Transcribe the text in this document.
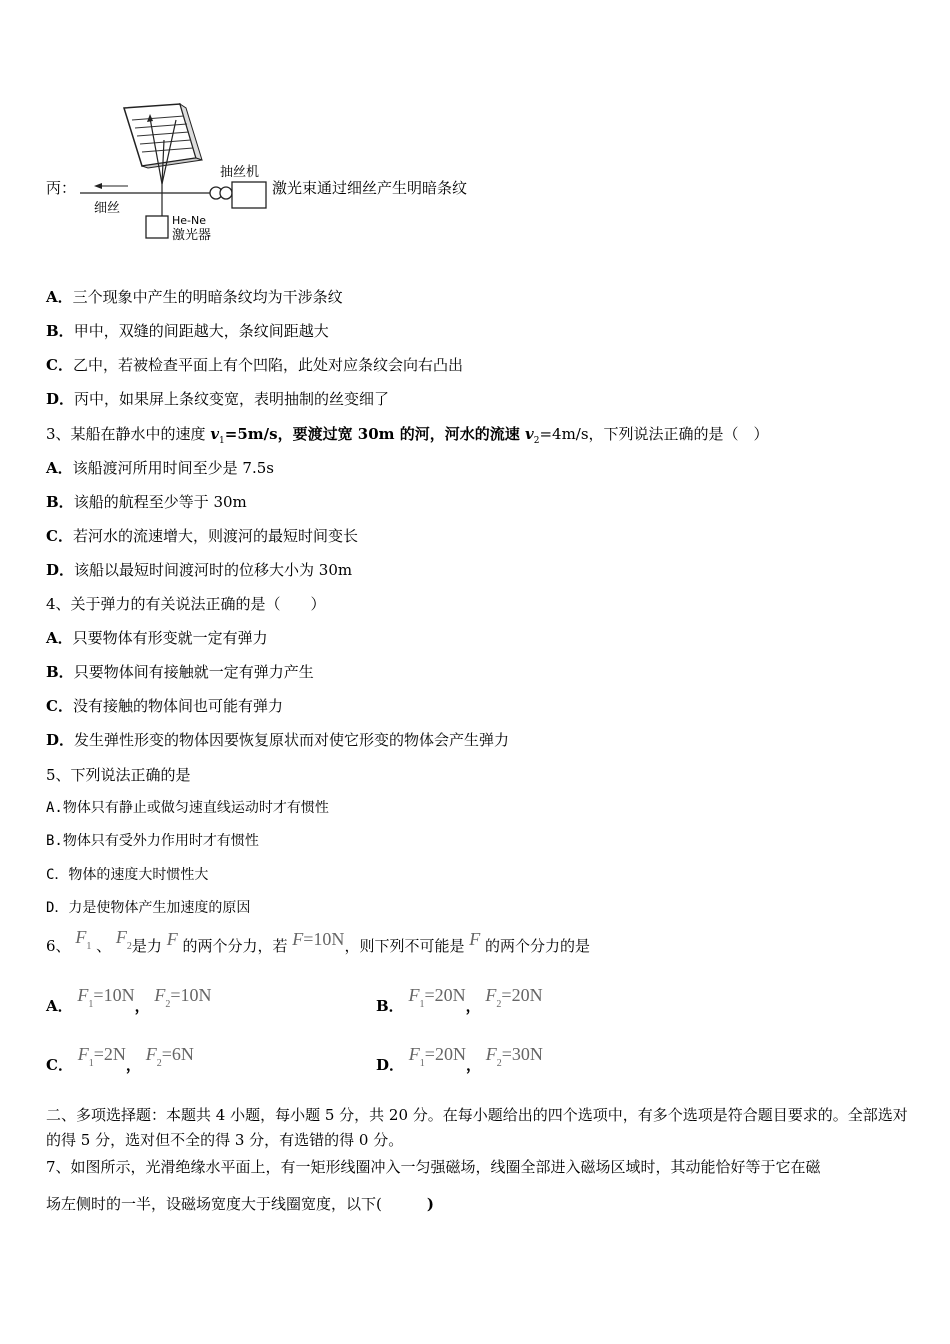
丙：
细丝
He-Ne
激光器
抽丝机
激光束通过细丝产生明暗条纹
A．三个现象中产生的明暗条纹均为干涉条纹
B．甲中，双缝的间距越大，条纹间距越大
C．乙中，若被检查平面上有个凹陷，此处对应条纹会向右凸出
D．丙中，如果屏上条纹变宽，表明抽制的丝变细了
3、某船在静水中的速度 $v_1=5m/s$，要渡过宽 30m 的河，河水的流速 $v_2=4m/s$，下列说法正确的是（　）
A．该船渡河所用时间至少是 7.5s
B．该船的航程至少等于 30m
C．若河水的流速增大，则渡河的最短时间变长
D．该船以最短时间渡河时的位移大小为 30m
4、关于弹力的有关说法正确的是（　　）
A．只要物体有形变就一定有弹力
B．只要物体间有接触就一定有弹力产生
C．没有接触的物体间也可能有弹力
D．发生弹性形变的物体因要恢复原状而对使它形变的物体会产生弹力
5、下列说法正确的是
A.物体只有静止或做匀速直线运动时才有惯性
B.物体只有受外力作用时才有惯性
C．物体的速度大时惯性大
D．力是使物体产生加速度的原因
6、 $F_1$ 、 $F_2$是力 F 的两个分力，若 F=10N，则下列不可能是 F 的两个分力的是
A． $F_1=10N$， $F_2=10N$
B． $F_1=20N$， $F_2=20N$
C． $F_1=2N$， $F_2=6N$
D． $F_1=20N$， $F_2=30N$
二、多项选择题：本题共 4 小题，每小题 5 分，共 20 分。在每小题给出的四个选项中，有多个选项是符合题目要求的。全部选对的得 5 分，选对但不全的得 3 分，有选错的得 0 分。
7、如图所示，光滑绝缘水平面上，有一矩形线圈冲入一匀强磁场，线圈全部进入磁场区域时，其动能恰好等于它在磁
场左侧时的一半，设磁场宽度大于线圈宽度，以下(　　　)
